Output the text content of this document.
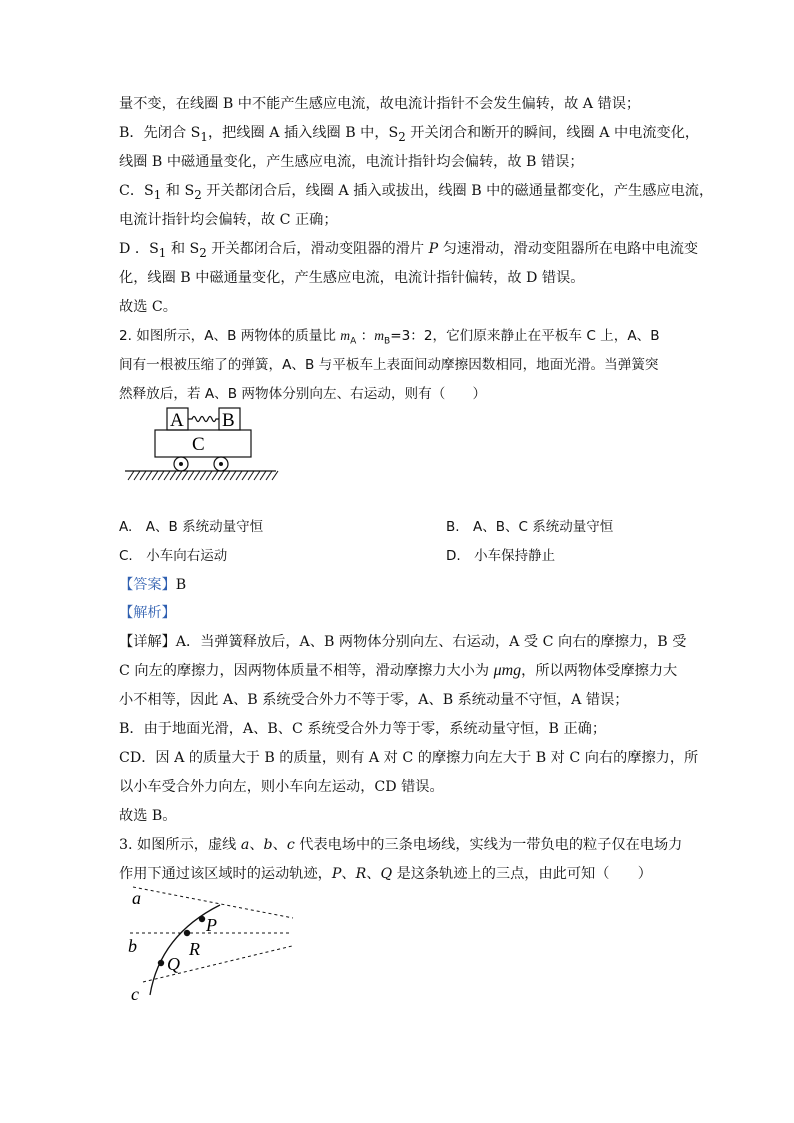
量不变，在线圈 B 中不能产生感应电流，故电流计指针不会发生偏转，故 A 错误；
B．先闭合 $S_1$，把线圈 A 插入线圈 B 中，$S_2$ 开关闭合和断开的瞬间，线圈 A 中电流变化，
线圈 B 中磁通量变化，产生感应电流，电流计指针均会偏转，故 B 错误；
C．$S_1$ 和 $S_2$ 开关都闭合后，线圈 A 插入或拔出，线圈 B 中的磁通量都变化，产生感应电流，
电流计指针均会偏转，故 C 正确；
D ．$S_1$ 和 $S_2$ 开关都闭合后，滑动变阻器的滑片 P 匀速滑动，滑动变阻器所在电路中电流变
化，线圈 B 中磁通量变化，产生感应电流，电流计指针偏转，故 D 错误。
故选 C。
2. 如图所示，A、B 两物体的质量比 $m_A$ ：$m_B=3$：2，它们原来静止在平板车 C 上，A、B
间有一根被压缩了的弹簧，A、B 与平板车上表面间动摩擦因数相同，地面光滑。当弹簧突
然释放后，若 A、B 两物体分别向左、右运动，则有（　　）
A B
C
A.　A、B 系统动量守恒	B.　A、B、C 系统动量守恒
C.　小车向右运动	D.　小车保持静止
【答案】B
【解析】
【详解】A．当弹簧释放后，A、B 两物体分别向左、右运动，A 受 C 向右的摩擦力，B 受
C 向左的摩擦力，因两物体质量不相等，滑动摩擦力大小为 μmg，所以两物体受摩擦力大
小不相等，因此 A、B 系统受合外力不等于零，A、B 系统动量不守恒，A 错误；
B．由于地面光滑，A、B、C 系统受合外力等于零，系统动量守恒，B 正确；
CD．因 A 的质量大于 B 的质量，则有 A 对 C 的摩擦力向左大于 B 对 C 向右的摩擦力，所
以小车受合外力向左，则小车向左运动，CD 错误。
故选 B。
3. 如图所示，虚线 a、b、c 代表电场中的三条电场线，实线为一带负电的粒子仅在电场力
作用下通过该区域时的运动轨迹，P、R、Q 是这条轨迹上的三点，由此可知（　　）
a
b
c
P
R
Q
